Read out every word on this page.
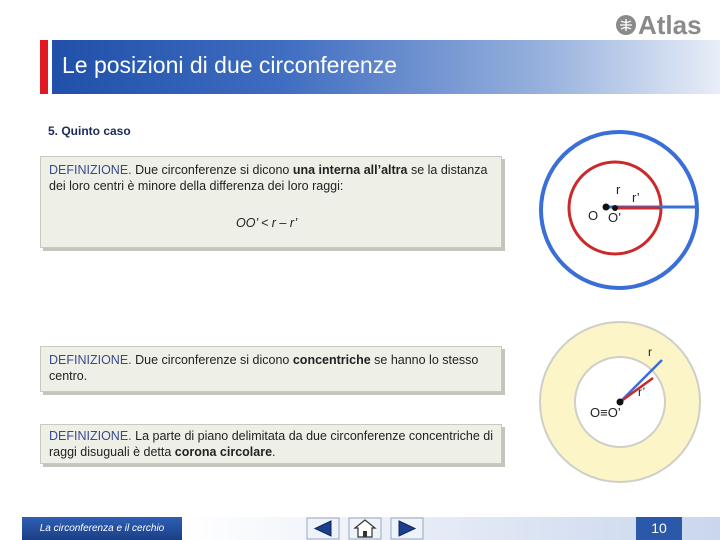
Atlas
Le posizioni di due circonferenze
5. Quinto caso
DEFINIZIONE. Due circonferenze si dicono una interna all’altra se la distanza dei loro centri è minore della differenza dei loro raggi:
OO’ < r – r’
DEFINIZIONE. Due circonferenze si dicono concentriche se hanno lo stesso centro.
DEFINIZIONE. La parte di piano delimitata da due circonferenze concentriche di raggi disuguali è detta corona circolare.
r
r’
O O’
r
r’
O≡O’
La circonferenza e il cerchio	10
